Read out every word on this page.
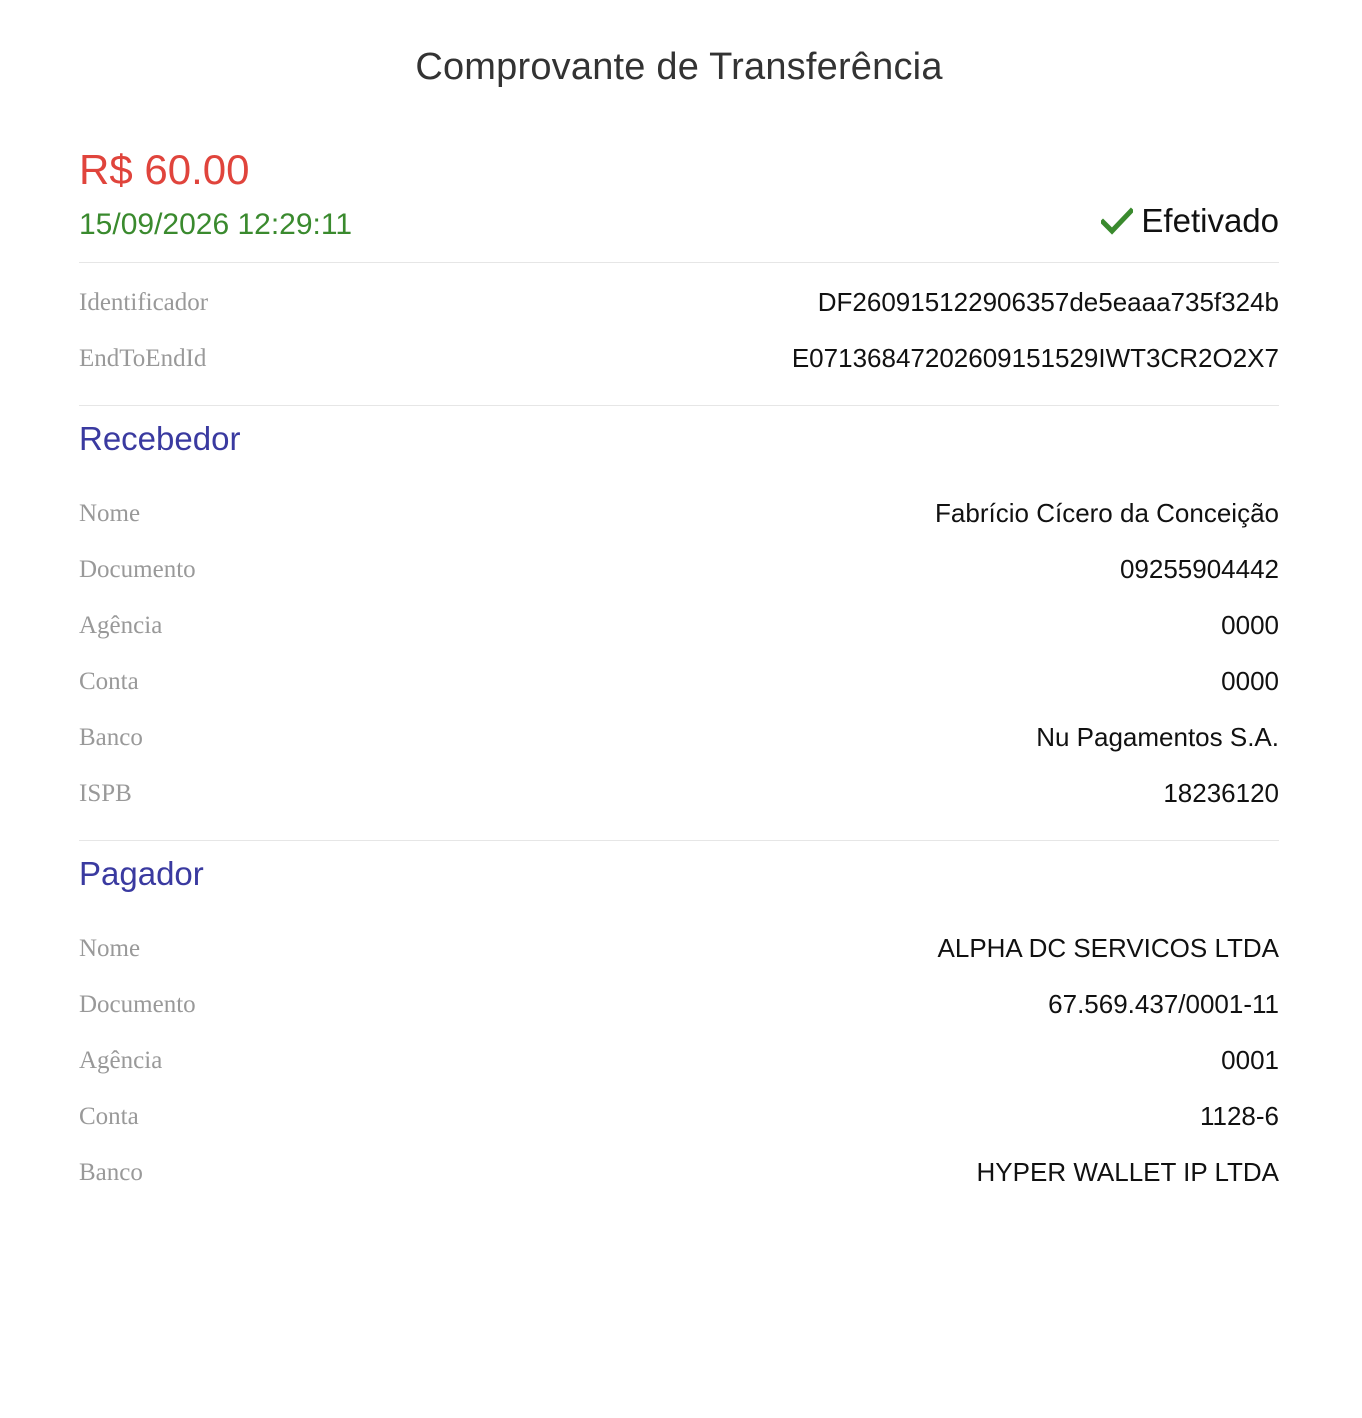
Comprovante de Transferência
R$ 60.00
15/09/2026 12:29:11	Efetivado
Identificador	DF260915122906357de5eaaa735f324b
EndToEndId	E07136847202609151529IWT3CR2O2X7
Recebedor
Nome	Fabrício Cícero da Conceição
Documento	09255904442
Agência	0000
Conta	0000
Banco	Nu Pagamentos S.A.
ISPB	18236120
Pagador
Nome	ALPHA DC SERVICOS LTDA
Documento	67.569.437/0001-11
Agência	0001
Conta	1128-6
Banco	HYPER WALLET IP LTDA
